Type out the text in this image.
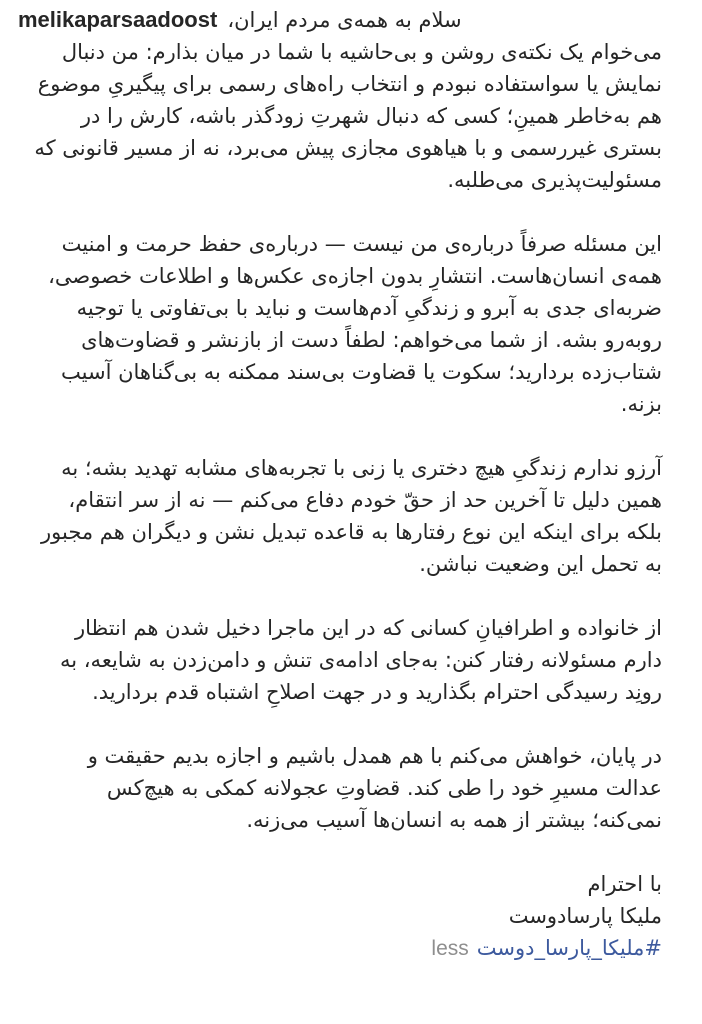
melikaparsaadoost سلام به همه‌ی مردم ایران،
می‌خوام یک نکته‌ی روشن و بی‌حاشیه با شما در میان بذارم: من دنبال
نمایش یا سواستفاده نبودم و انتخاب راه‌های رسمی برای پیگیریِ موضوع
هم به‌خاطر همینِ؛ کسی که دنبال شهرتِ زودگذر باشه، کارش را در
بستری غیررسمی و با هیاهوی مجازی پیش می‌برد، نه از مسیر قانونی که
مسئولیت‌پذیری می‌طلبه.
این مسئله صرفاً درباره‌ی من نیست — درباره‌ی حفظ حرمت و امنیت
همه‌ی انسان‌هاست. انتشارِ بدون اجازه‌ی عکس‌ها و اطلاعات خصوصی،
ضربه‌ای جدی به آبرو و زندگیِ آدم‌هاست و نباید با بی‌تفاوتی یا توجیه
روبه‌رو بشه. از شما می‌خواهم: لطفاً دست از بازنشر و قضاوت‌های
شتاب‌زده بردارید؛ سکوت یا قضاوت بی‌سند ممکنه به بی‌گناهان آسیب
بزنه.
آرزو ندارم زندگیِ هیچ دختری یا زنی با تجربه‌های مشابه تهدید بشه؛ به
همین دلیل تا آخرین حد از حقّ خودم دفاع می‌کنم — نه از سر انتقام،
بلکه برای اینکه این نوع رفتارها به قاعده تبدیل نشن و دیگران هم مجبور
به تحمل این وضعیت نباشن.
از خانواده و اطرافیانِ کسانی که در این ماجرا دخیل شدن هم انتظار
دارم مسئولانه رفتار کنن: به‌جای ادامه‌ی تنش و دامن‌زدن به شایعه، به
رونِد رسیدگی احترام بگذارید و در جهت اصلاحِ اشتباه قدم بردارید.
در پایان، خواهش می‌کنم با هم همدل باشیم و اجازه بدیم حقیقت و
عدالت مسیرِ خود را طی کند. قضاوتِ عجولانه کمکی به هیچ‌کس
نمی‌کنه؛ بیشتر از همه به انسان‌ها آسیب می‌زنه.
با احترام
ملیکا پارسادوست
#ملیکا_پارسا_دوستless
